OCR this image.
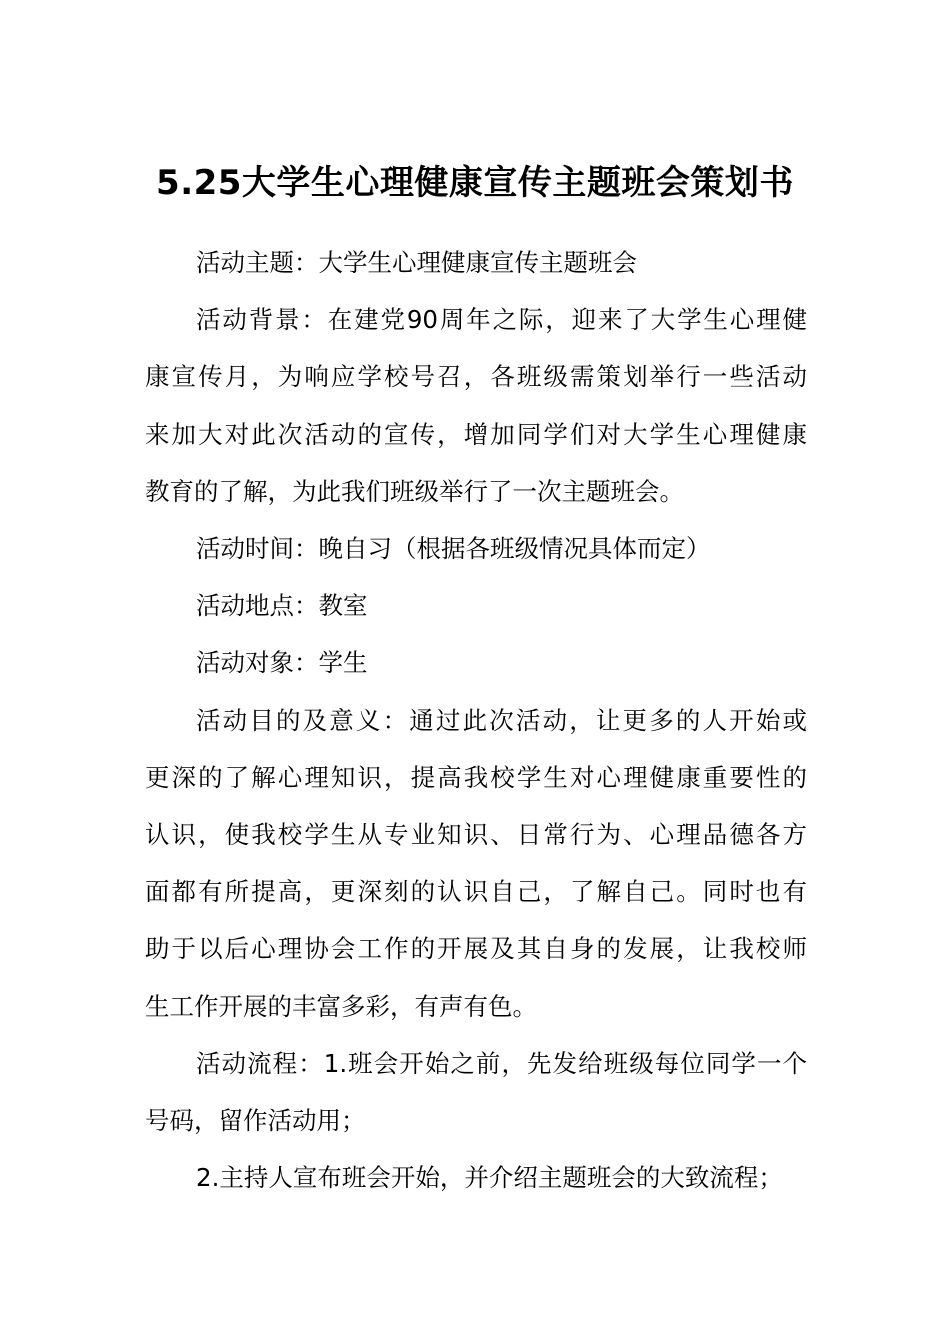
5.25大学生心理健康宣传主题班会策划书
活动主题：大学生心理健康宣传主题班会
活动背景：在建党90周年之际，迎来了大学生心理健
康宣传月，为响应学校号召，各班级需策划举行一些活动
来加大对此次活动的宣传，增加同学们对大学生心理健康
教育的了解，为此我们班级举行了一次主题班会。
活动时间：晚自习（根据各班级情况具体而定）
活动地点：教室
活动对象：学生
活动目的及意义：通过此次活动，让更多的人开始或
更深的了解心理知识，提高我校学生对心理健康重要性的
认识，使我校学生从专业知识、日常行为、心理品德各方
面都有所提高，更深刻的认识自己，了解自己。同时也有
助于以后心理协会工作的开展及其自身的发展，让我校师
生工作开展的丰富多彩，有声有色。
活动流程：1.班会开始之前，先发给班级每位同学一个
号码，留作活动用；
2.主持人宣布班会开始，并介绍主题班会的大致流程；
